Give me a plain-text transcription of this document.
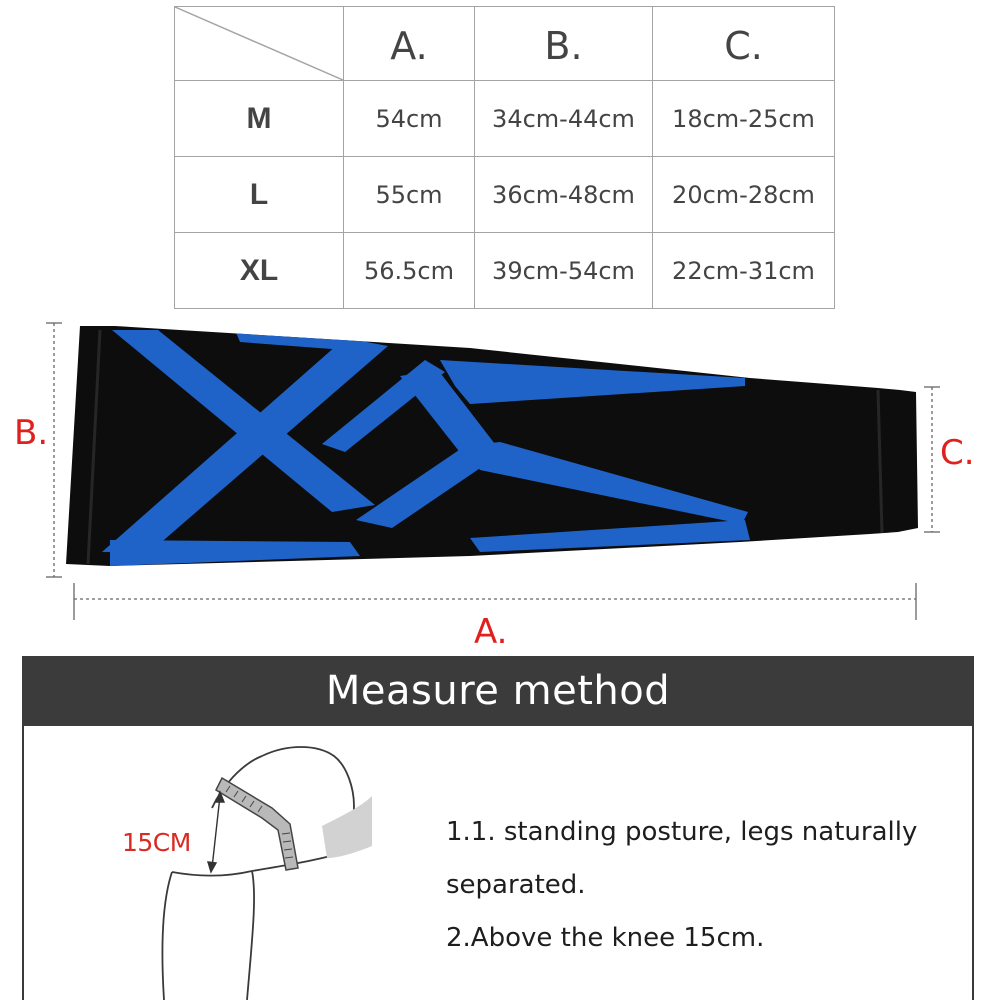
	A.	B.	C.
M	54cm	34cm-44cm	18cm-25cm
L	55cm	36cm-48cm	20cm-28cm
XL	56.5cm	39cm-54cm	22cm-31cm
B.	C.
A.
Measure method
15CM	1.1. standing posture, legs naturally separated.

2.Above the knee 15cm.
